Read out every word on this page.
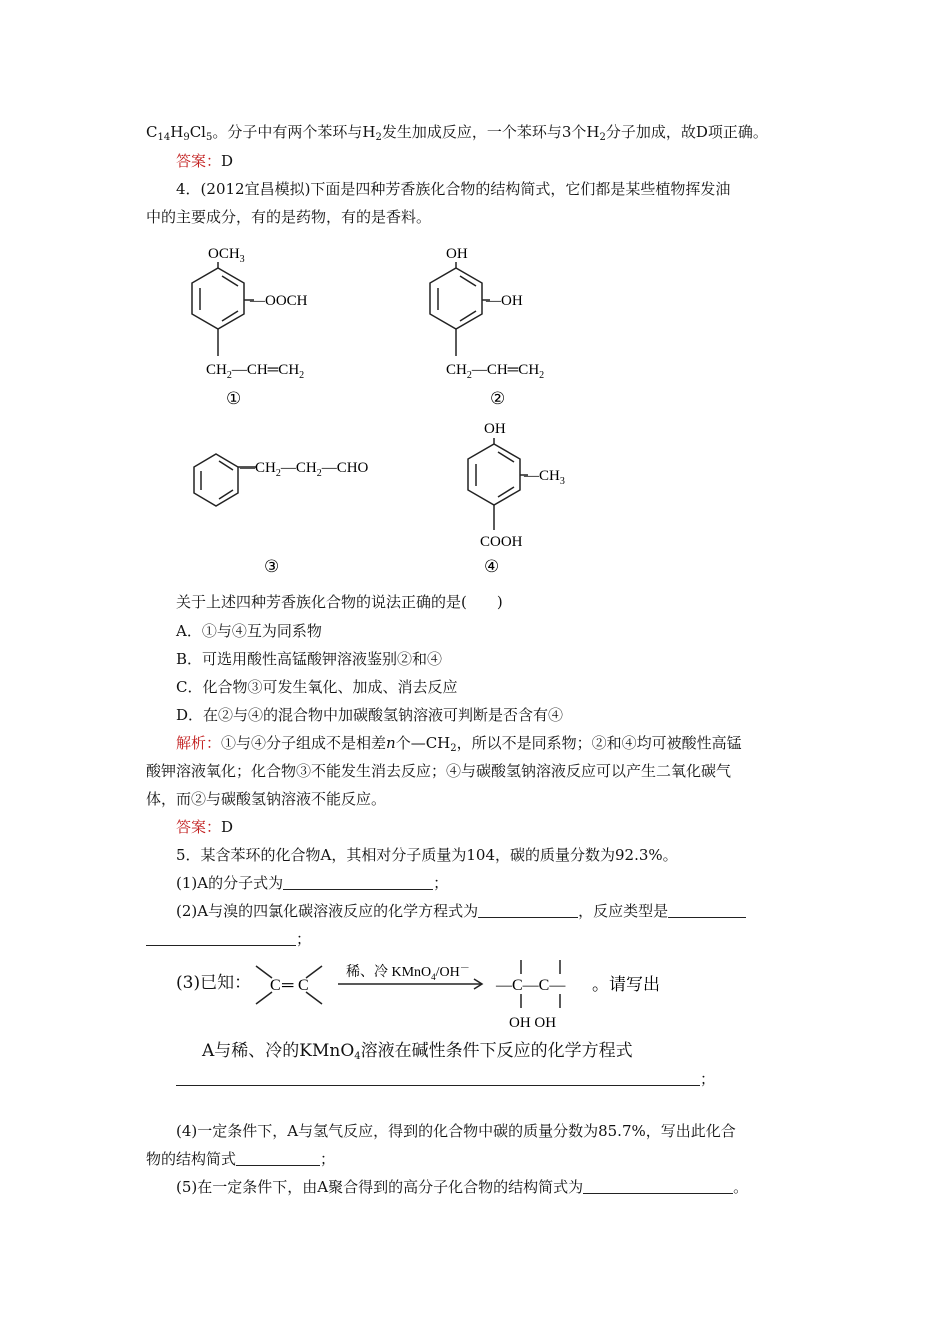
$C_{14}H_9Cl_5$。分子中有两个苯环与$H_2$发生加成反应，一个苯环与3个$H_2$分子加成，故D项正确。
答案：D
4．(2012宜昌模拟)下面是四种芳香族化合物的结构简式，它们都是某些植物挥发油
中的主要成分，有的是药物，有的是香料。
$OCH_3$
—OOCH
$CH_2—CH═CH_2$
①
OH
—OH
$CH_2—CH═CH_2$
②
$—CH_2—CH_2—CHO$
③
OH
$—CH_3$
COOH
④
关于上述四种芳香族化合物的说法正确的是(　　)
A．①与④互为同系物
B．可选用酸性高锰酸钾溶液鉴别②和④
C．化合物③可发生氧化、加成、消去反应
D．在②与④的混合物中加碳酸氢钠溶液可判断是否含有④
解析：①与④分子组成不是相差n个$—CH_2$，所以不是同系物；②和④均可被酸性高锰
酸钾溶液氧化；化合物③不能发生消去反应；④与碳酸氢钠溶液反应可以产生二氧化碳气
体，而②与碳酸氢钠溶液不能反应。
答案：D
5．某含苯环的化合物A，其相对分子质量为104，碳的质量分数为92.3%。
(1)A的分子式为	；
(2)A与溴的四氯化碳溶液反应的化学方程式为	，反应类型是
；
(3)已知： C ═ C
稀、冷 KMnO$_4$/OH－
—C—C—
OH OH
。请写出
A与稀、冷的KMnO$_4$溶液在碱性条件下反应的化学方程式
；
(4)一定条件下，A与氢气反应，得到的化合物中碳的质量分数为85.7%，写出此化合
物的结构简式	；
(5)在一定条件下，由A聚合得到的高分子化合物的结构简式为	。
